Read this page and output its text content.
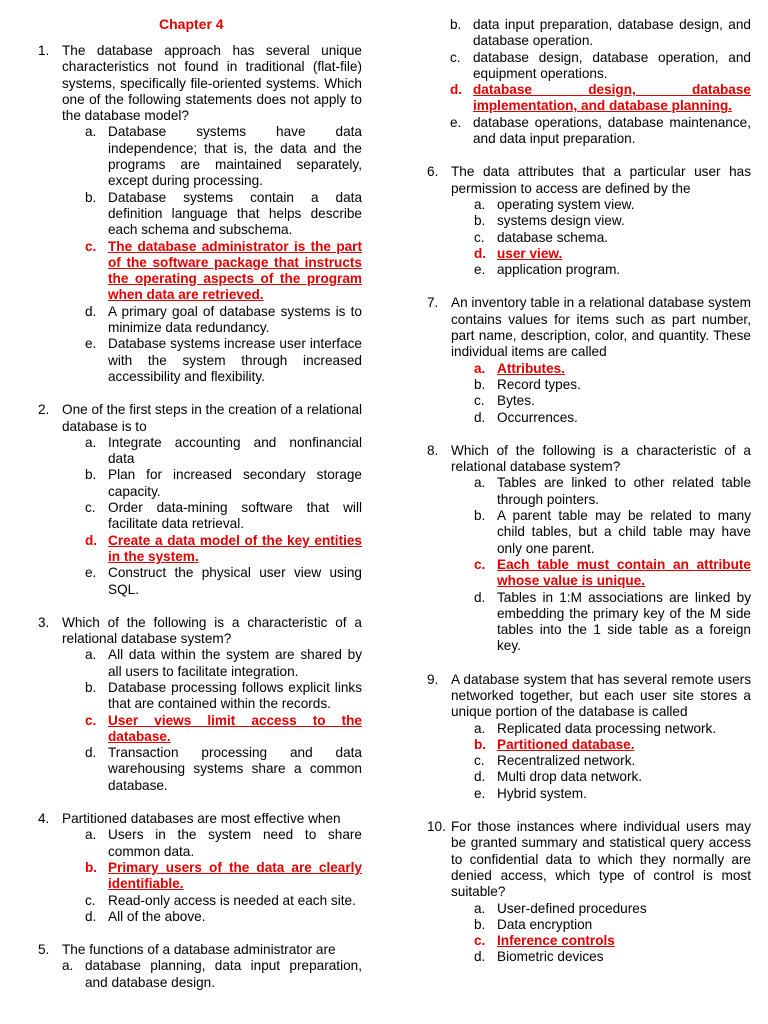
Chapter 4
1. The database approach has several unique characteristics not found in traditional (flat-file) systems, specifically file-oriented systems. Which one of the following statements does not apply to the database model?
a. Database systems have data independence; that is, the data and the programs are maintained separately, except during processing.
b. Database systems contain a data definition language that helps describe each schema and subschema.
c. The database administrator is the part of the software package that instructs the operating aspects of the program when data are retrieved.
d. A primary goal of database systems is to minimize data redundancy.
e. Database systems increase user interface with the system through increased accessibility and flexibility.
2. One of the first steps in the creation of a relational database is to
a. Integrate accounting and nonfinancial data
b. Plan for increased secondary storage capacity.
c. Order data-mining software that will facilitate data retrieval.
d. Create a data model of the key entities in the system.
e. Construct the physical user view using SQL.
3. Which of the following is a characteristic of a relational database system?
a. All data within the system are shared by all users to facilitate integration.
b. Database processing follows explicit links that are contained within the records.
c. User views limit access to the database.
d. Transaction processing and data warehousing systems share a common database.
4. Partitioned databases are most effective when
a. Users in the system need to share common data.
b. Primary users of the data are clearly identifiable.
c. Read-only access is needed at each site.
d. All of the above.
5. The functions of a database administrator are
a. database planning, data input preparation, and database design.
b. data input preparation, database design, and database operation.
c. database design, database operation, and equipment operations.
d. database design, database implementation, and database planning.
e. database operations, database maintenance, and data input preparation.
6. The data attributes that a particular user has permission to access are defined by the
a. operating system view.
b. systems design view.
c. database schema.
d. user view.
e. application program.
7. An inventory table in a relational database system contains values for items such as part number, part name, description, color, and quantity. These individual items are called
a. Attributes.
b. Record types.
c. Bytes.
d. Occurrences.
8. Which of the following is a characteristic of a relational database system?
a. Tables are linked to other related table through pointers.
b. A parent table may be related to many child tables, but a child table may have only one parent.
c. Each table must contain an attribute whose value is unique.
d. Tables in 1:M associations are linked by embedding the primary key of the M side tables into the 1 side table as a foreign key.
9. A database system that has several remote users networked together, but each user site stores a unique portion of the database is called
a. Replicated data processing network.
b. Partitioned database.
c. Recentralized network.
d. Multi drop data network.
e. Hybrid system.
10. For those instances where individual users may be granted summary and statistical query access to confidential data to which they normally are denied access, which type of control is most suitable?
a. User-defined procedures
b. Data encryption
c. Inference controls
d. Biometric devices
